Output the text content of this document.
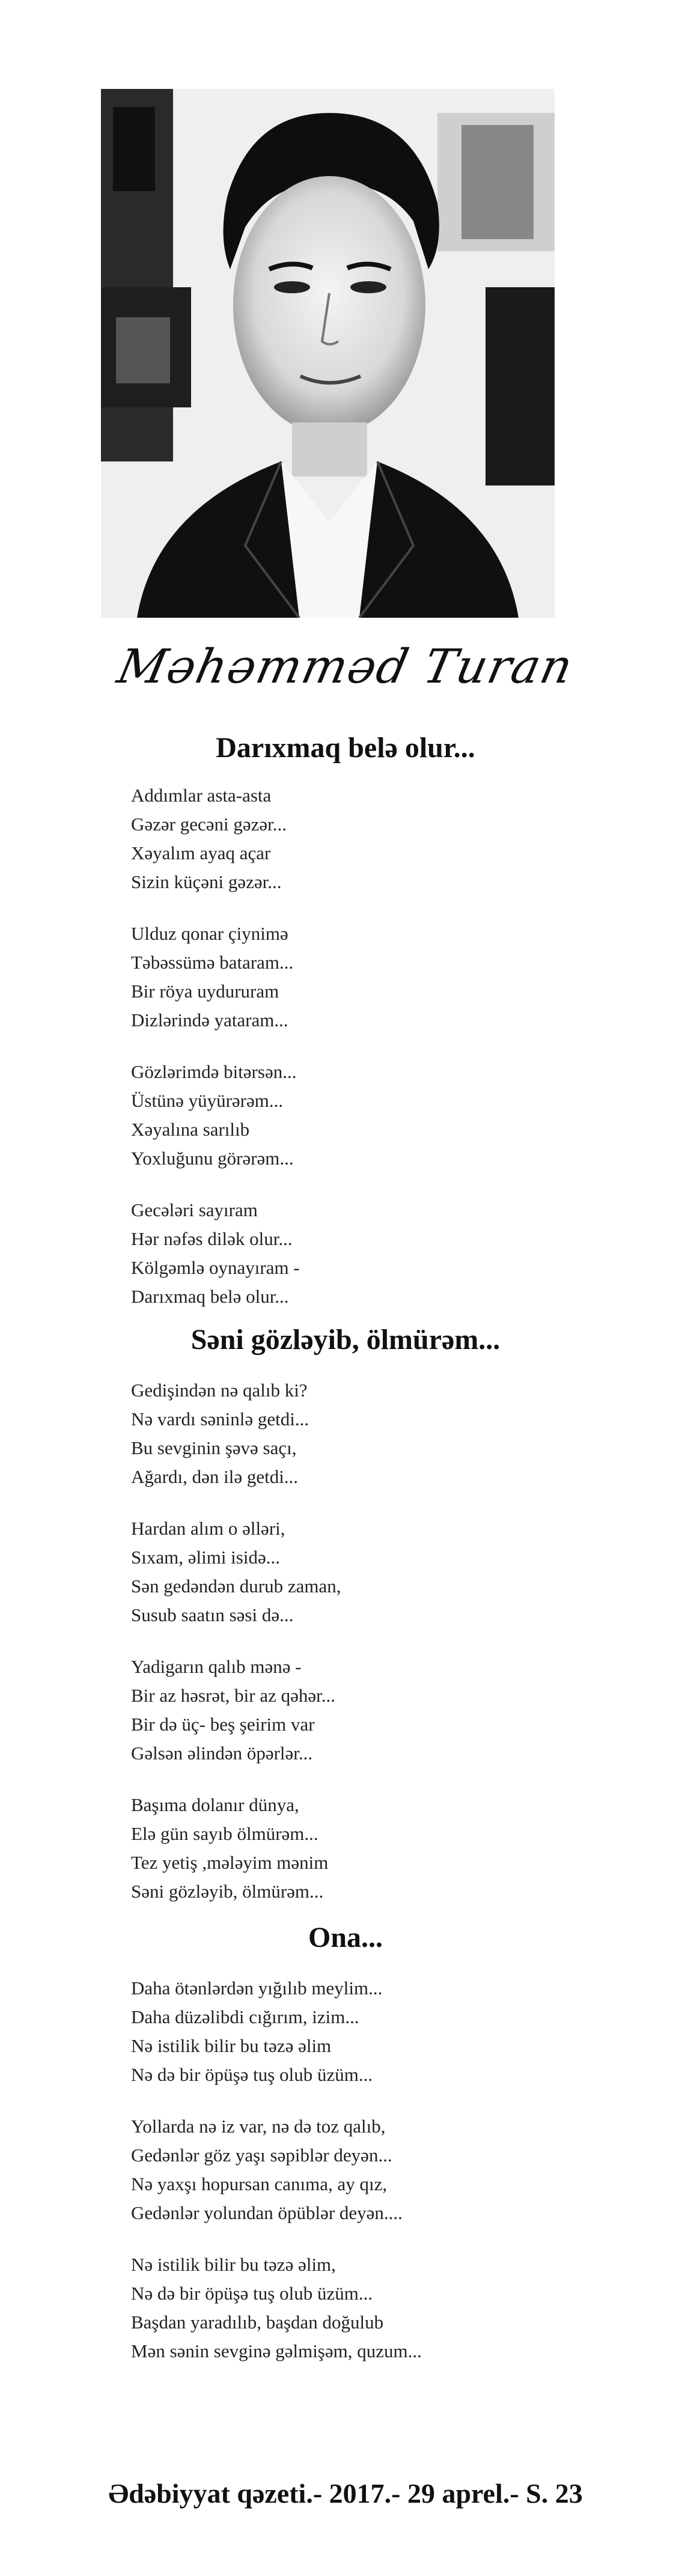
Məhəmməd Turan
Darıxmaq belə olur...
Addımlar asta-asta
Gəzər gecəni gəzər...
Xəyalım ayaq açar
Sizin küçəni gəzər...
Ulduz qonar çiynimə
Təbəssümə bataram...
Bir röya uydururam
Dizlərində yataram...
Gözlərimdə bitərsən...
Üstünə yüyürərəm...
Xəyalına sarılıb
Yoxluğunu görərəm...
Gecələri sayıram
Hər nəfəs dilək olur...
Kölgəmlə oynayıram -
Darıxmaq belə olur...
Səni gözləyib, ölmürəm...
Gedişindən nə qalıb ki?
Nə vardı səninlə getdi...
Bu sevginin şəvə saçı,
Ağardı, dən ilə getdi...
Hardan alım o əlləri,
Sıxam, əlimi isidə...
Sən gedəndən durub zaman,
Susub saatın səsi də...
Yadigarın qalıb mənə -
Bir az həsrət, bir az qəhər...
Bir də üç- beş şeirim var
Gəlsən əlindən öpərlər...
Başıma dolanır dünya,
Elə gün sayıb ölmürəm...
Tez yetiş ,mələyim mənim
Səni gözləyib, ölmürəm...
Ona...
Daha ötənlərdən yığılıb meylim...
Daha düzəlibdi cığırım, izim...
Nə istilik bilir bu təzə əlim
Nə də bir öpüşə tuş olub üzüm...
Yollarda nə iz var, nə də toz qalıb,
Gedənlər göz yaşı səpiblər deyən...
Nə yaxşı hopursan canıma, ay qız,
Gedənlər yolundan öpüblər deyən....
Nə istilik bilir bu təzə əlim,
Nə də bir öpüşə tuş olub üzüm...
Başdan yaradılıb, başdan doğulub
Mən sənin sevginə gəlmişəm, quzum...
Ədəbiyyat qəzeti.- 2017.- 29 aprel.- S. 23
